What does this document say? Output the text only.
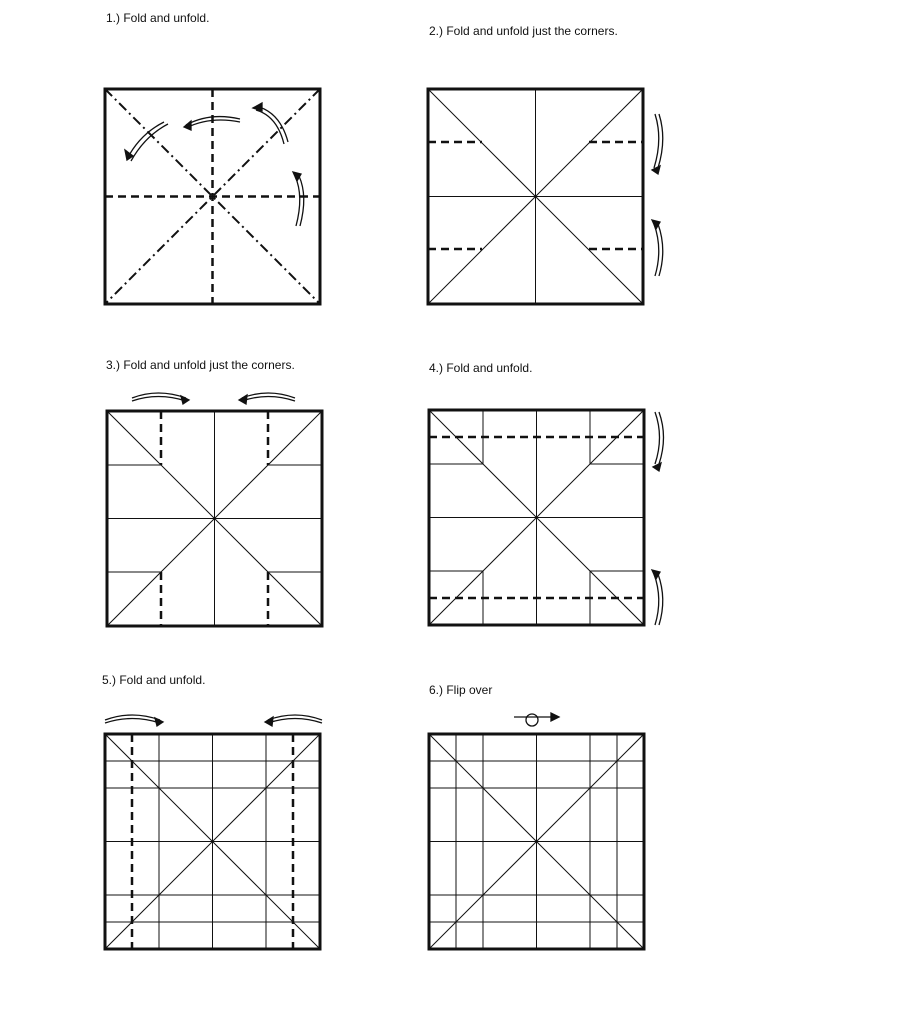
1.) Fold and unfold.
2.) Fold and unfold just the corners.
3.) Fold and unfold just the corners.	4.) Fold and unfold.
5.) Fold and unfold.
6.) Flip over
